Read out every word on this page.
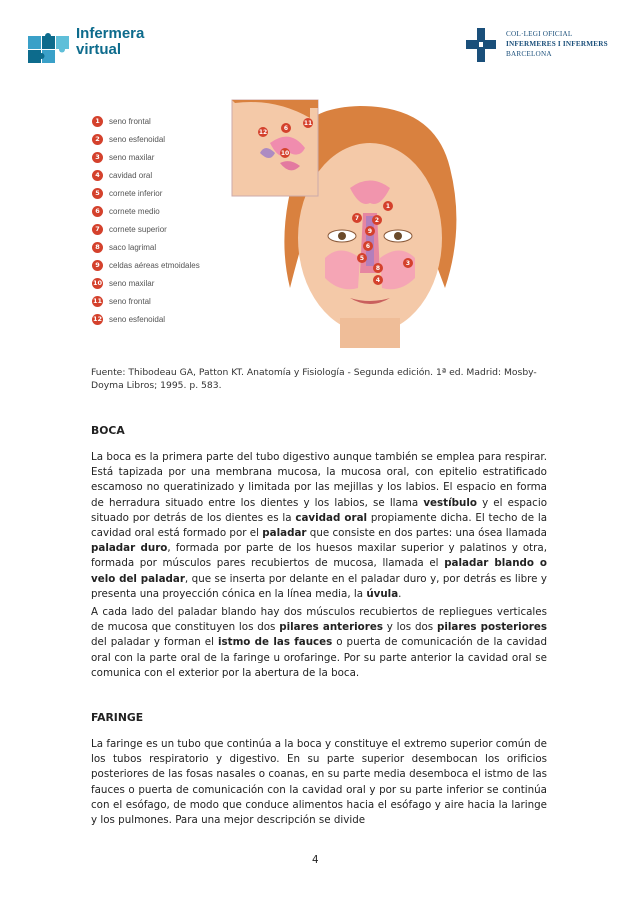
Infermera
virtual
COL·LEGI OFICIAL
INFERMERES I INFERMERS
BARCELONA
1	seno frontal
2	seno esfenoidal
3	seno maxilar
4	cavidad oral
5	cornete inferior
6	cornete medio
7	cornete superior
8	saco lagrimal
9	celdas aéreas etmoidales
10 seno maxilar
11 seno frontal
12 seno esfenoidal
1
2
9
7
6
5
3
8
4
12
6
11
10
Fuente: Thibodeau GA, Patton KT. Anatomía y Fisiología - Segunda edición. 1ª ed. Madrid: Mosby-Doyma Libros; 1995. p. 583.
BOCA
La boca es la primera parte del tubo digestivo aunque también se emplea para respirar. Está tapizada por una membrana mucosa, la mucosa oral, con epitelio estratificado escamoso no queratinizado y limitada por las mejillas y los labios. El espacio en forma de herradura situado entre los dientes y los labios, se llama vestíbulo y el espacio situado por detrás de los dientes es la cavidad oral propiamente dicha. El techo de la cavidad oral está formado por el paladar que consiste en dos partes: una ósea llamada paladar duro, formada por parte de los huesos maxilar superior y palatinos y otra, formada por músculos pares recubiertos de mucosa, llamada el paladar blando o velo del paladar, que se inserta por delante en el paladar duro y, por detrás es libre y presenta una proyección cónica en la línea media, la úvula.
A cada lado del paladar blando hay dos músculos recubiertos de repliegues verticales de mucosa que constituyen los dos pilares anteriores y los dos pilares posteriores del paladar y forman el istmo de las fauces o puerta de comunicación de la cavidad oral con la parte oral de la faringe u orofaringe. Por su parte anterior la cavidad oral se comunica con el exterior por la abertura de la boca.
FARINGE
La faringe es un tubo que continúa a la boca y constituye el extremo superior común de los tubos respiratorio y digestivo. En su parte superior desembocan los orificios posteriores de las fosas nasales o coanas, en su parte media desemboca el istmo de las fauces o puerta de comunicación con la cavidad oral y por su parte inferior se continúa con el esófago, de modo que conduce alimentos hacia el esófago y aire hacia la laringe y los pulmones. Para una mejor descripción se divide
4
